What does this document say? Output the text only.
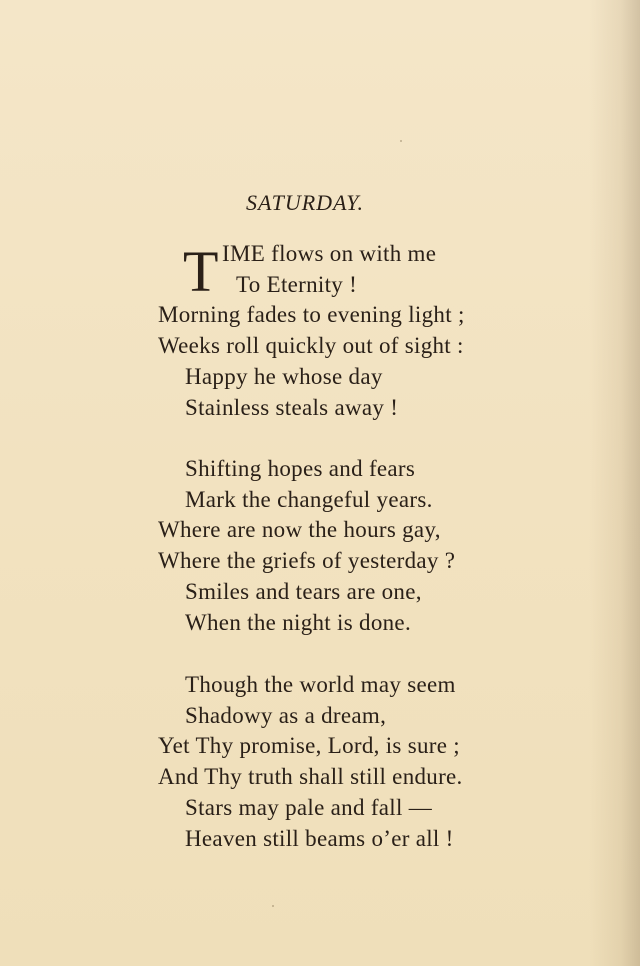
SATURDAY.
T IME flows on with me
To Eternity !
Morning fades to evening light ;
Weeks roll quickly out of sight :
Happy he whose day
Stainless steals away !
Shifting hopes and fears
Mark the changeful years.
Where are now the hours gay,
Where the griefs of yesterday ?
Smiles and tears are one,
When the night is done.
Though the world may seem
Shadowy as a dream,
Yet Thy promise, Lord, is sure ;
And Thy truth shall still endure.
Stars may pale and fall —
Heaven still beams o’er all !
